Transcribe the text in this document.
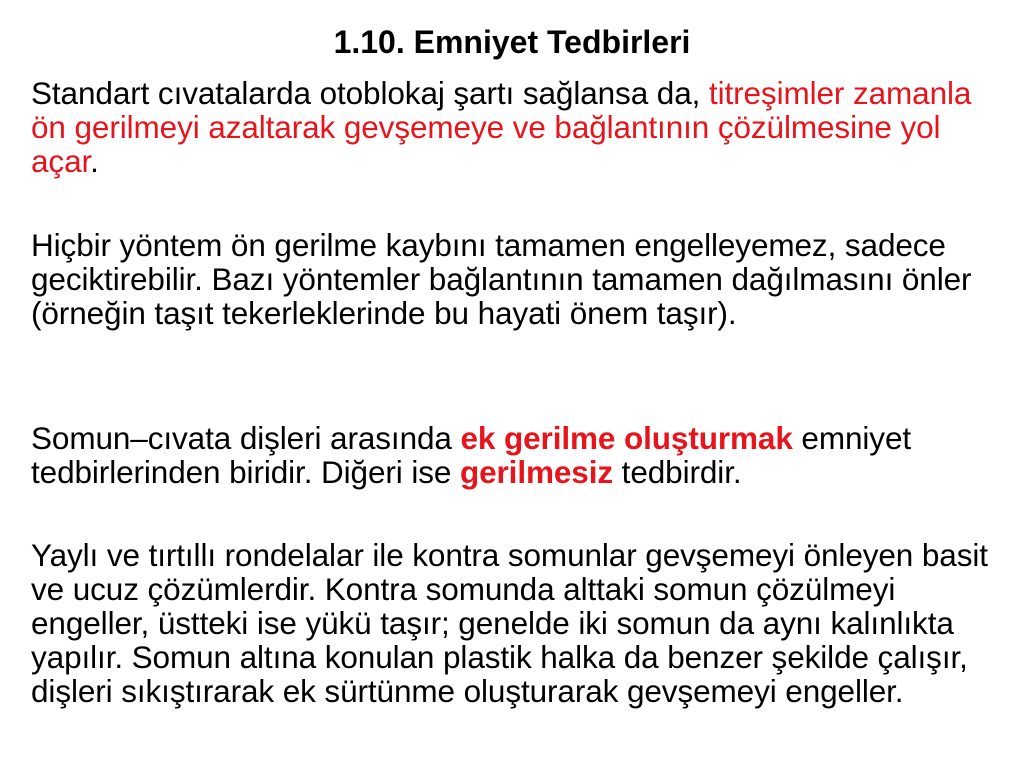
1.10. Emniyet Tedbirleri

Standart cıvatalarda otoblokaj şartı sağlansa da, titreşimler zamanla ön gerilmeyi azaltarak gevşemeye ve bağlantının çözülmesine yol açar.

Hiçbir yöntem ön gerilme kaybını tamamen engelleyemez, sadece geciktirebilir. Bazı yöntemler bağlantının tamamen dağılmasını önler (örneğin taşıt tekerleklerinde bu hayati önem taşır).

Somun–cıvata dişleri arasında ek gerilme oluşturmak emniyet tedbirlerinden biridir. Diğeri ise gerilmesiz tedbirdir.

Yaylı ve tırtıllı rondelalar ile kontra somunlar gevşemeyi önleyen basit ve ucuz çözümlerdir. Kontra somunda alttaki somun çözülmeyi engeller, üstteki ise yükü taşır; genelde iki somun da aynı kalınlıkta yapılır. Somun altına konulan plastik halka da benzer şekilde çalışır, dişleri sıkıştırarak ek sürtünme oluşturarak gevşemeyi engeller.
